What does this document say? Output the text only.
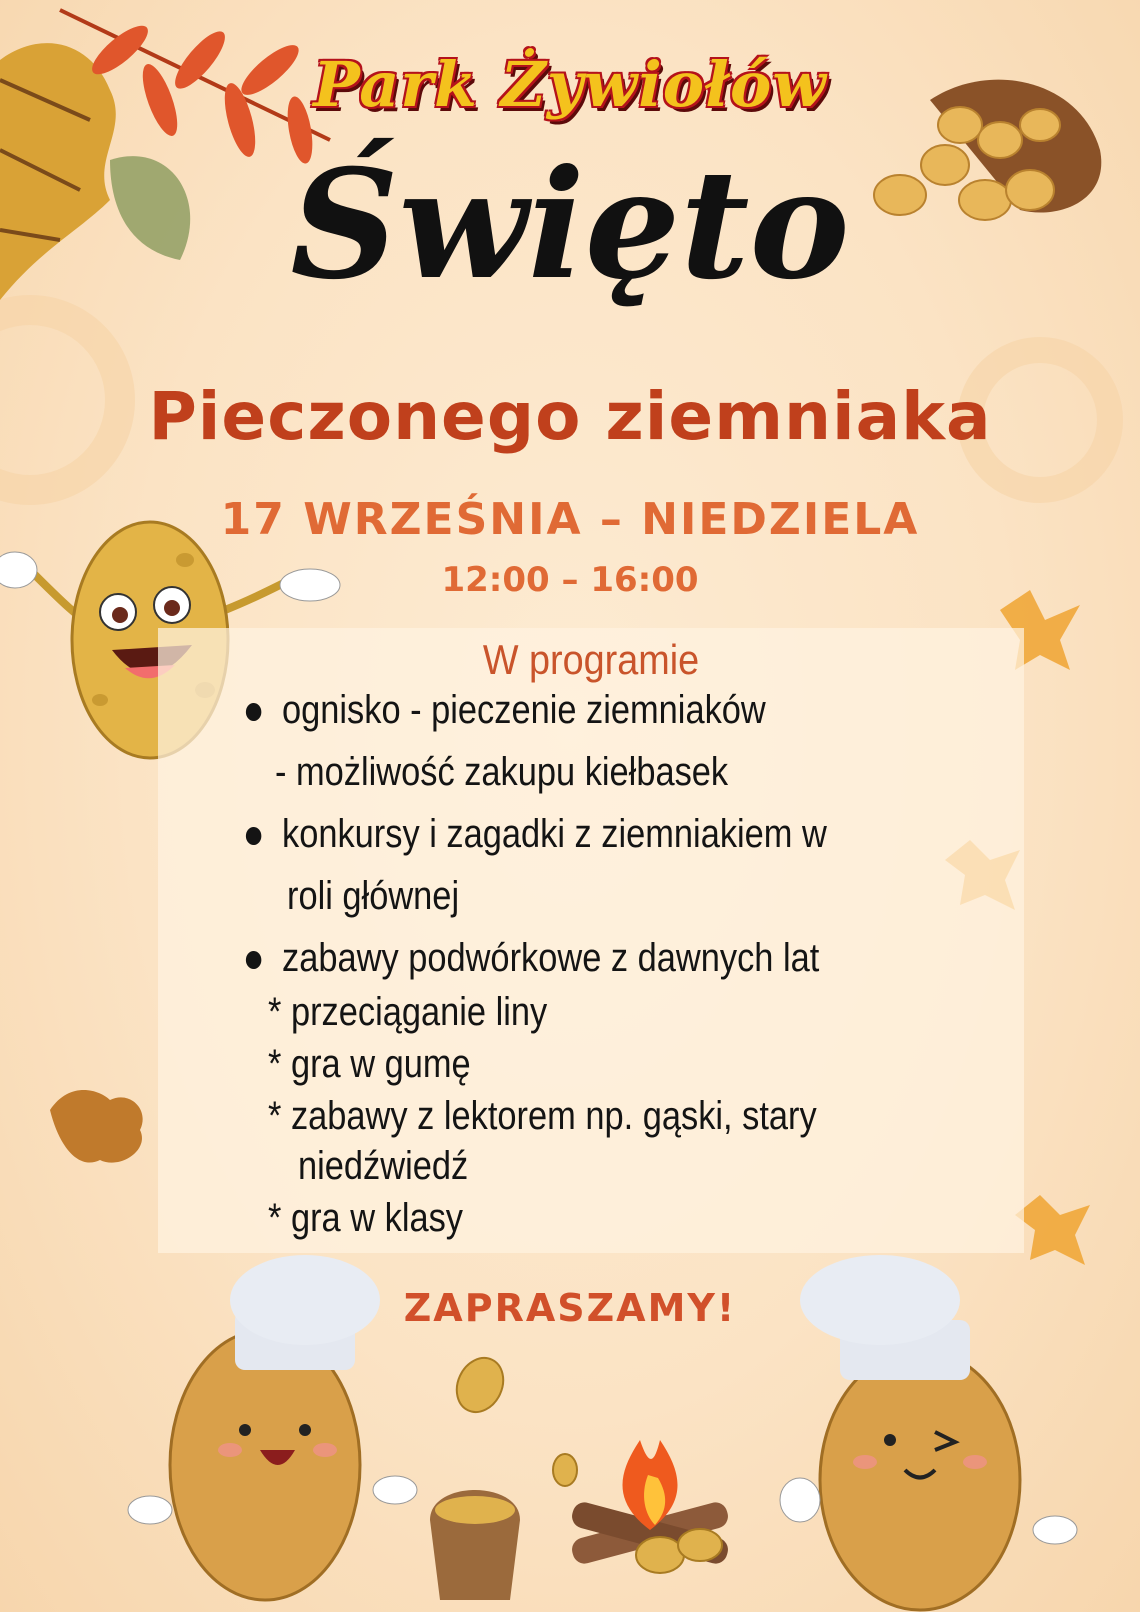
Park Żywiołów
Święto
Pieczonego ziemniaka
17 WRZEŚNIA – NIEDZIELA
12:00 – 16:00
W programie
ognisko - pieczenie ziemniaków
- możliwość zakupu kiełbasek
konkursy i zagadki z ziemniakiem w
roli głównej
zabawy podwórkowe z dawnych lat
* przeciąganie liny
* gra w gumę
* zabawy z lektorem np. gąski, stary
niedźwiedź
* gra w klasy
ZAPRASZAMY!
